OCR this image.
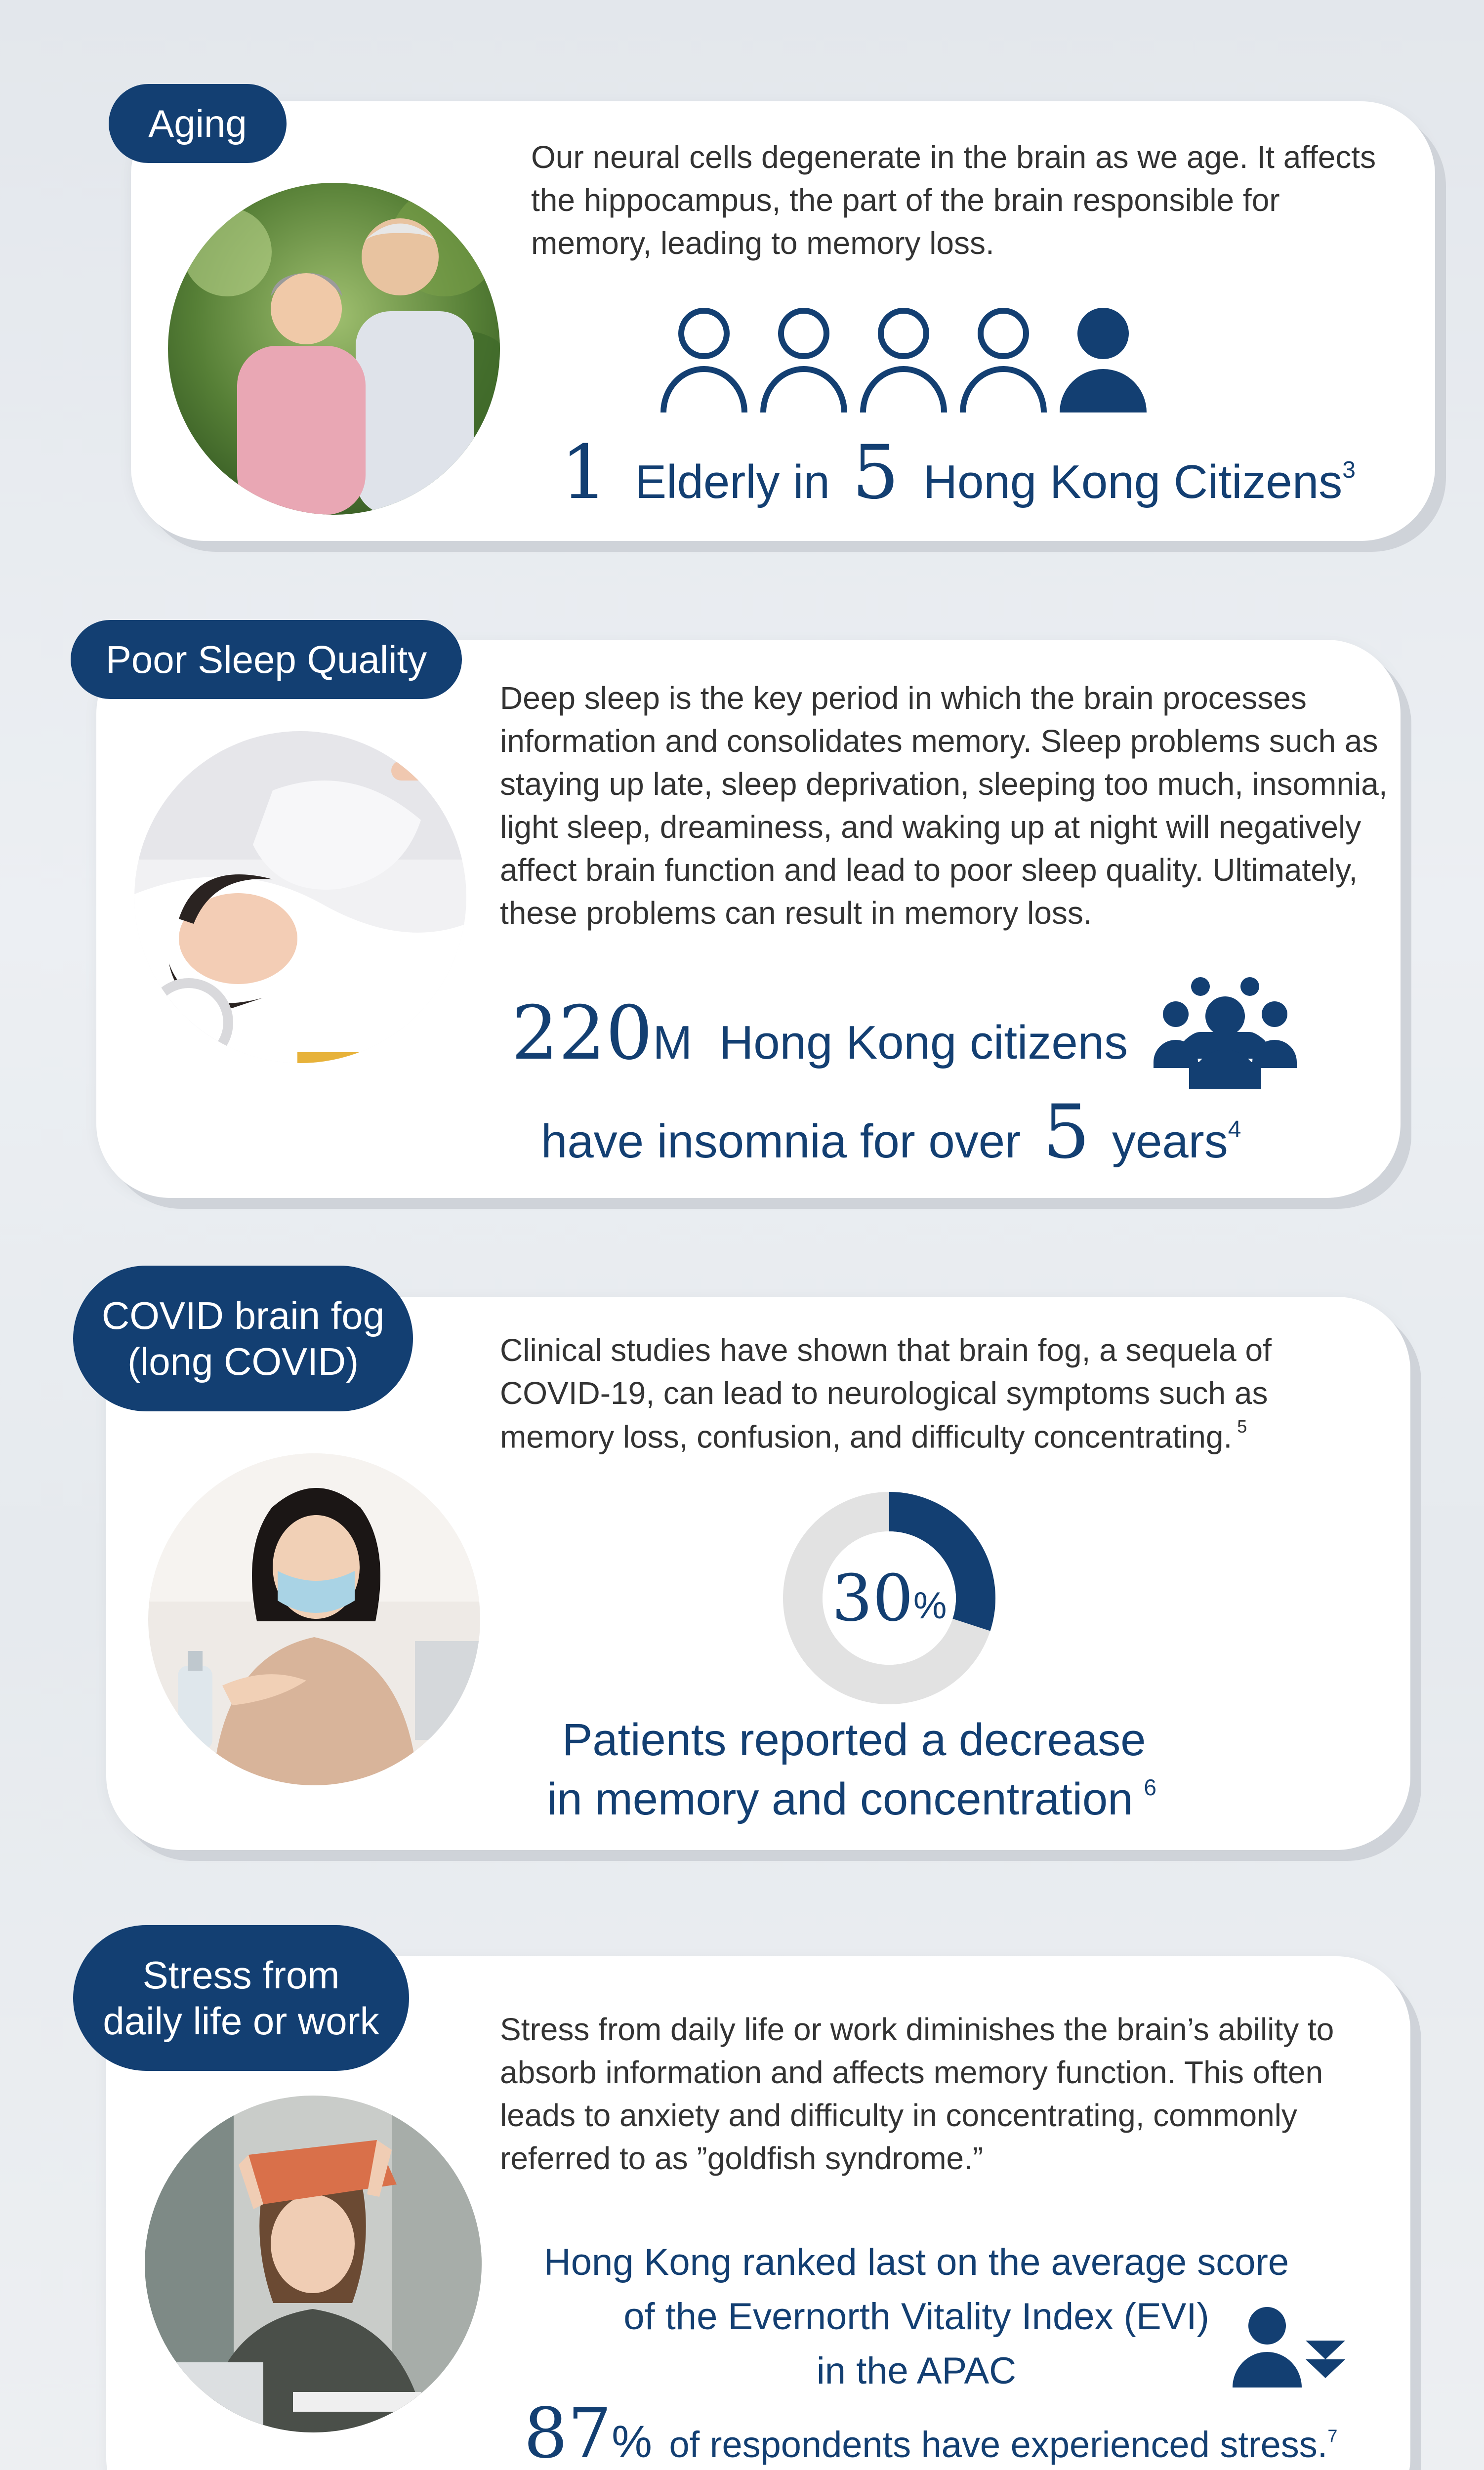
Aging
Our neural cells degenerate in the brain as we age. It affects the hippocampus, the part of the brain responsible for memory, leading to memory loss.
1 Elderly in 5 Hong Kong Citizens$^3$
Poor Sleep Quality
Deep sleep is the key period in which the brain processes information and consolidates memory. Sleep problems such as staying up late, sleep deprivation, sleeping too much, insomnia, light sleep, dreaminess, and waking up at night will negatively affect brain function and lead to poor sleep quality. Ultimately, these problems can result in memory loss.
220M Hong Kong citizens
have insomnia for over 5 years$^4$
COVID brain fog
(long COVID)	Clinical studies have shown that brain fog, a sequela of COVID-19, can lead to neurological symptoms such as memory loss, confusion, and difficulty concentrating. $^5$
30 %
Patients reported a decrease
in memory and concentration $^6$
Stress from
daily life or work	Stress from daily life or work diminishes the brain’s ability to absorb information and affects memory function. This often leads to anxiety and difficulty in concentrating, commonly referred to as ”goldfish syndrome.”
Hong Kong ranked last on the average score
of the Evernorth Vitality Index (EVI)
in the APAC
87% of respondents have experienced stress.$^7$
